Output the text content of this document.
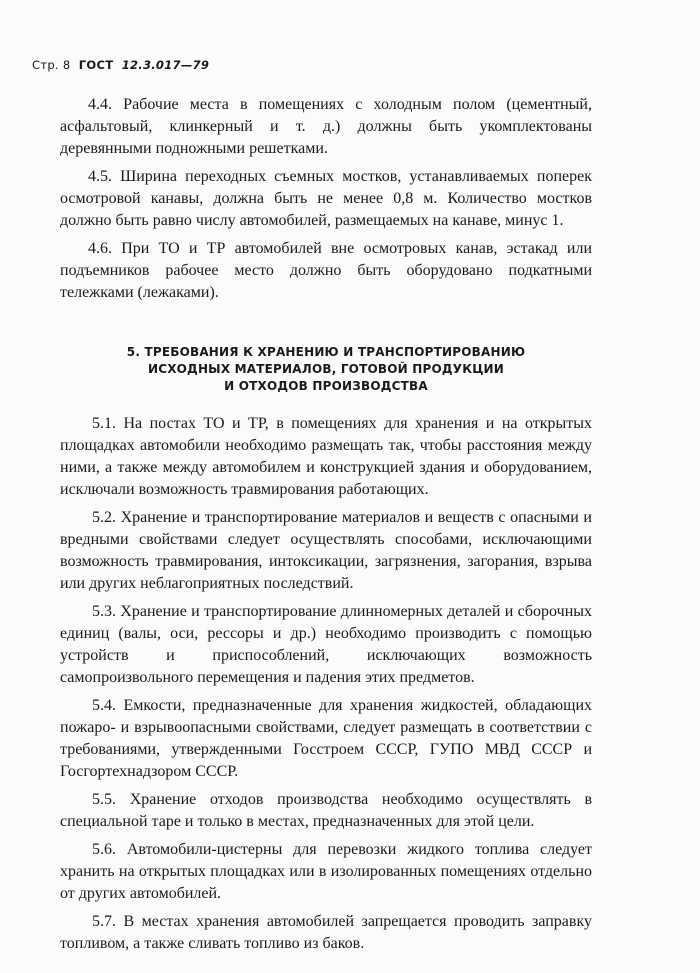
Стр. 8 ГОСТ 12.3.017—79

4.4. Рабочие места в помещениях с холодным полом (цементный, асфальтовый, клинкерный и т. д.) должны быть укомплектованы деревянными подножными решетками.

4.5. Ширина переходных съемных мостков, устанавливаемых поперек осмотровой канавы, должна быть не менее 0,8 м. Количество мостков должно быть равно числу автомобилей, размещаемых на канаве, минус 1.

4.6. При ТО и ТР автомобилей вне осмотровых канав, эстакад или подъемников рабочее место должно быть оборудовано подкатными тележками (лежаками).

5. ТРЕБОВАНИЯ К ХРАНЕНИЮ И ТРАНСПОРТИРОВАНИЮ
ИСХОДНЫХ МАТЕРИАЛОВ, ГОТОВОЙ ПРОДУКЦИИ
И ОТХОДОВ ПРОИЗВОДСТВА

5.1. На постах ТО и ТР, в помещениях для хранения и на открытых площадках автомобили необходимо размещать так, чтобы расстояния между ними, а также между автомобилем и конструкцией здания и оборудованием, исключали возможность травмирования работающих.

5.2. Хранение и транспортирование материалов и веществ с опасными и вредными свойствами следует осуществлять способами, исключающими возможность травмирования, интоксикации, загрязнения, загорания, взрыва или других неблагоприятных последствий.

5.3. Хранение и транспортирование длинномерных деталей и сборочных единиц (валы, оси, рессоры и др.) необходимо производить с помощью устройств и приспособлений, исключающих возможность самопроизвольного перемещения и падения этих предметов.

5.4. Емкости, предназначенные для хранения жидкостей, обладающих пожаро- и взрывоопасными свойствами, следует размещать в соответствии с требованиями, утвержденными Госстроем СССР, ГУПО МВД СССР и Госгортехнадзором СССР.

5.5. Хранение отходов производства необходимо осуществлять в специальной таре и только в местах, предназначенных для этой цели.

5.6. Автомобили-цистерны для перевозки жидкого топлива следует хранить на открытых площадках или в изолированных помещениях отдельно от других автомобилей.

5.7. В местах хранения автомобилей запрещается проводить заправку топливом, а также сливать топливо из баков.
